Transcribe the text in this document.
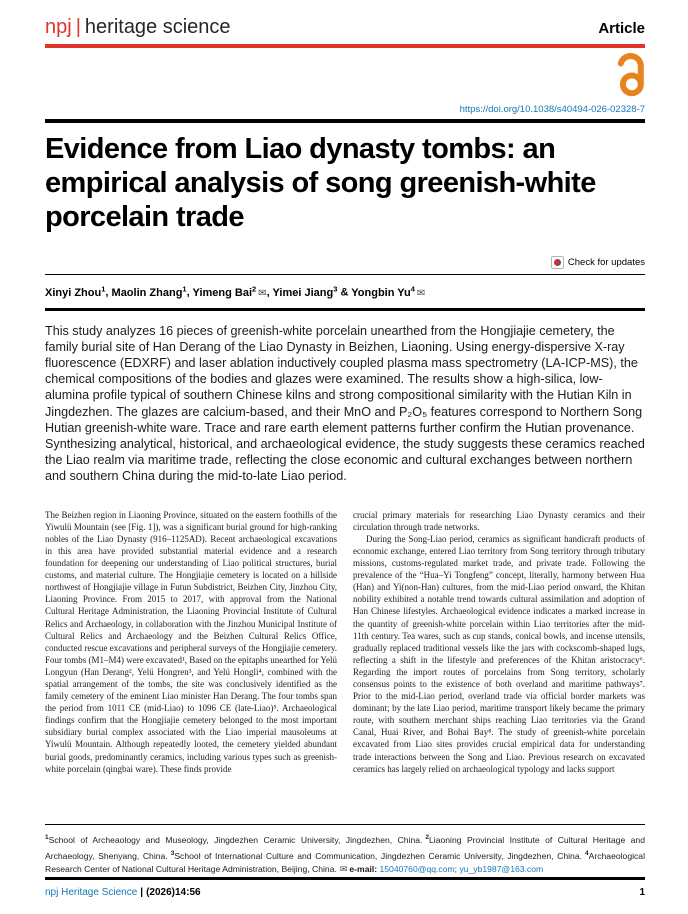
npj | heritage science	Article
https://doi.org/10.1038/s40494-026-02328-7
Evidence from Liao dynasty tombs: an empirical analysis of song greenish-white porcelain trade
Check for updates
Xinyi Zhou$^1$, Maolin Zhang$^1$, Yimeng Bai$^2$ ✉, Yimei Jiang$^3$ & Yongbin Yu$^4$ ✉

This study analyzes 16 pieces of greenish-white porcelain unearthed from the Hongjiajie cemetery, the family burial site of Han Derang of the Liao Dynasty in Beizhen, Liaoning. Using energy-dispersive X-ray fluorescence (EDXRF) and laser ablation inductively coupled plasma mass spectrometry (LA-ICP-MS), the chemical compositions of the bodies and glazes were examined. The results show a high-silica, low-alumina profile typical of southern Chinese kilns and strong compositional similarity with the Hutian Kiln in Jingdezhen. The glazes are calcium-based, and their MnO and P₂O₅ features correspond to Northern Song Hutian greenish-white ware. Trace and rare earth element patterns further confirm the Hutian provenance. Synthesizing analytical, historical, and archaeological evidence, the study suggests these ceramics reached the Liao realm via maritime trade, reflecting the close economic and cultural exchanges between northern and southern China during the mid-to-late Liao period.

The Beizhen region in Liaoning Province, situated on the eastern foothills of the Yiwulü Mountain (see [Fig. 1]), was a significant burial ground for high-ranking nobles of the Liao Dynasty (916–1125AD). Recent archaeological excavations in this area have provided substantial material evidence and a research foundation for deepening our understanding of Liao political structures, burial customs, and material culture. The Hongjiajie cemetery is located on a hillside northwest of Hongjiajie village in Futun Subdistrict, Beizhen City, Jinzhou City, Liaoning Province. From 2015 to 2017, with approval from the National Cultural Heritage Administration, the Liaoning Provincial Institute of Cultural Relics and Archaeology, in collaboration with the Jinzhou Municipal Institute of Cultural Relics and Archaeology and the Beizhen Cultural Relics Office, conducted rescue excavations and peripheral surveys of the Hongjiajie cemetery. Four tombs (M1–M4) were excavated¹, Based on the epitaphs unearthed for Yelü Longyun (Han Derang², Yelü Hongren³, and Yelü Hongli⁴, combined with the spatial arrangement of the tombs, the site was conclusively identified as the family cemetery of the eminent Liao minister Han Derang. The four tombs span the period from 1011 CE (mid-Liao) to 1096 CE (late-Liao)⁵. Archaeological findings confirm that the Hongjiajie cemetery belonged to the most important subsidiary burial complex associated with the Liao imperial mausoleums at Yiwulü Mountain. Although repeatedly looted, the cemetery yielded abundant burial goods, predominantly ceramics, including various types such as greenish-white porcelain (qingbai ware). These finds provide

crucial primary materials for researching Liao Dynasty ceramics and their circulation through trade networks.

During the Song-Liao period, ceramics as significant handicraft products of economic exchange, entered Liao territory from Song territory through tributary missions, customs-regulated market trade, and private trade. Following the prevalence of the “Hua–Yi Tongfeng” concept, literally, harmony between Hua (Han) and Yi(non-Han) cultures, from the mid-Liao period onward, the Khitan nobility exhibited a notable trend towards cultural assimilation and adoption of Han Chinese lifestyles. Archaeological evidence indicates a marked increase in the quantity of greenish-white porcelain within Liao territories after the mid-11th century. Tea wares, such as cup stands, conical bowls, and incense utensils, gradually replaced traditional vessels like the jars with cockscomb-shaped lugs, reflecting a shift in the lifestyle and preferences of the Khitan aristocracy⁶. Regarding the import routes of porcelains from Song territory, scholarly consensus points to the existence of both overland and maritime pathways⁷. Prior to the mid-Liao period, overland trade via official border markets was dominant; by the late Liao period, maritime transport likely became the primary route, with southern merchant ships reaching Liao territories via the Grand Canal, Huai River, and Bohai Bay⁸. The study of greenish-white porcelain excavated from Liao sites provides crucial empirical data for understanding trade interactions between the Song and Liao. Previous research on excavated ceramics has largely relied on archaeological typology and lacks support

$^1$School of Archeaology and Museology, Jingdezhen Ceramic University, Jingdezhen, China. $^2$Liaoning Provincial Institute of Cultural Heritage and Archaeology, Shenyang, China. $^3$School of International Culture and Communication, Jingdezhen Ceramic University, Jingdezhen, China. $^4$Archaeological Research Center of National Cultural Heritage Administration, Beijing, China. ✉ e-mail: 15040760@qq.com; yu_yb1987@163.com

npj Heritage Science | (2026)14:56	1
